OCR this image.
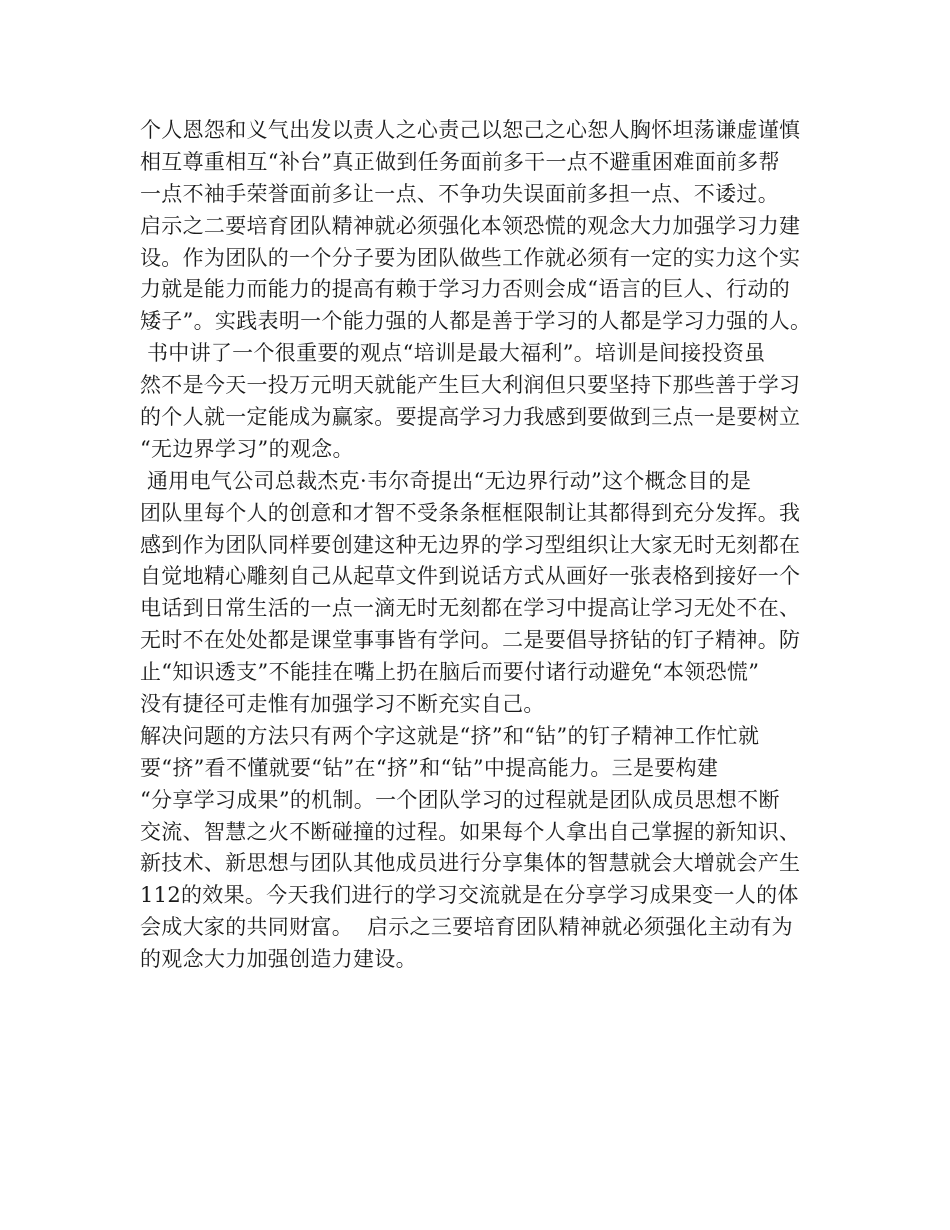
个人恩怨和义气出发以责人之心责己以恕己之心恕人胸怀坦荡谦虚谨慎
相互尊重相互“补台”真正做到任务面前多干一点不避重困难面前多帮
一点不袖手荣誉面前多让一点、不争功失误面前多担一点、不诿过。
启示之二要培育团队精神就必须强化本领恐慌的观念大力加强学习力建
设。作为团队的一个分子要为团队做些工作就必须有一定的实力这个实
力就是能力而能力的提高有赖于学习力否则会成“语言的巨人、行动的
矮子”。实践表明一个能力强的人都是善于学习的人都是学习力强的人。
书中讲了一个很重要的观点“培训是最大福利”。培训是间接投资虽
然不是今天一投万元明天就能产生巨大利润但只要坚持下那些善于学习
的个人就一定能成为赢家。要提高学习力我感到要做到三点一是要树立
“无边界学习”的观念。
通用电气公司总裁杰克·韦尔奇提出“无边界行动”这个概念目的是
团队里每个人的创意和才智不受条条框框限制让其都得到充分发挥。我
感到作为团队同样要创建这种无边界的学习型组织让大家无时无刻都在
自觉地精心雕刻自己从起草文件到说话方式从画好一张表格到接好一个
电话到日常生活的一点一滴无时无刻都在学习中提高让学习无处不在、
无时不在处处都是课堂事事皆有学问。二是要倡导挤钻的钉子精神。防
止“知识透支”不能挂在嘴上扔在脑后而要付诸行动避免“本领恐慌”
没有捷径可走惟有加强学习不断充实自己。
解决问题的方法只有两个字这就是“挤”和“钻”的钉子精神工作忙就
要“挤”看不懂就要“钻”在“挤”和“钻”中提高能力。三是要构建
“分享学习成果”的机制。一个团队学习的过程就是团队成员思想不断
交流、智慧之火不断碰撞的过程。如果每个人拿出自己掌握的新知识、
新技术、新思想与团队其他成员进行分享集体的智慧就会大增就会产生
112的效果。今天我们进行的学习交流就是在分享学习成果变一人的体
会成大家的共同财富。  启示之三要培育团队精神就必须强化主动有为
的观念大力加强创造力建设。
